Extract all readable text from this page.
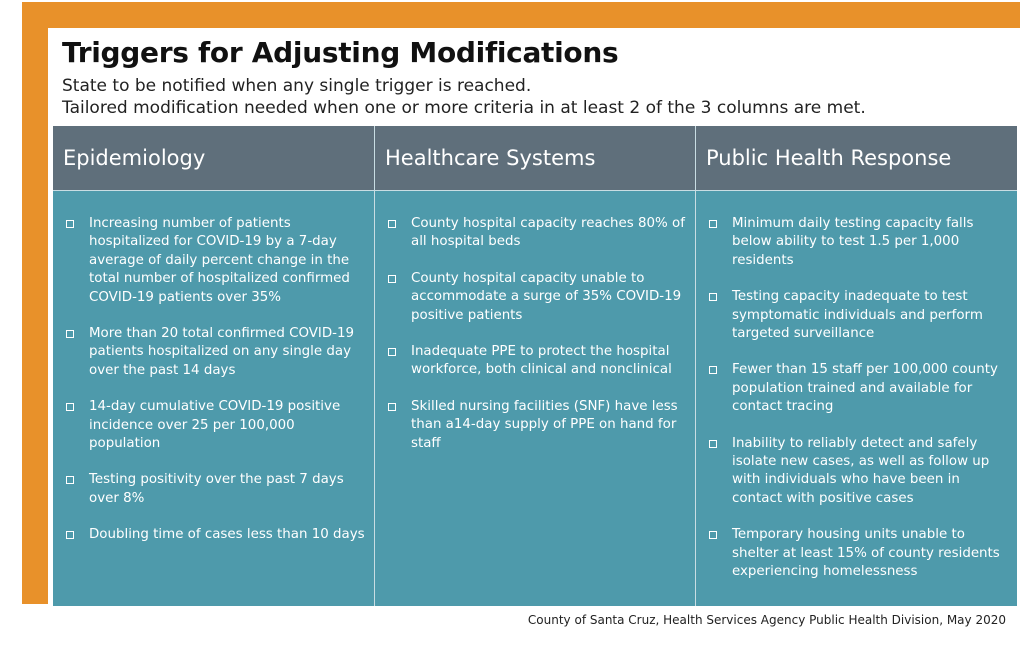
Triggers for Adjusting Modifications
State to be notified when any single trigger is reached.
Tailored modification needed when one or more criteria in at least 2 of the 3 columns are met.
Epidemiology	Healthcare Systems	Public Health Response
Increasing number of patients hospitalized for COVID-19 by a 7-day average of daily percent change in the total number of hospitalized confirmed COVID-19 patients over 35%
More than 20 total confirmed COVID-19 patients hospitalized on any single day over the past 14 days
14-day cumulative COVID-19 positive incidence over 25 per 100,000 population
Testing positivity over the past 7 days over 8%
Doubling time of cases less than 10 days
County hospital capacity reaches 80% of all hospital beds
County hospital capacity unable to accommodate a surge of 35% COVID-19 positive patients
Inadequate PPE to protect the hospital workforce, both clinical and nonclinical
Skilled nursing facilities (SNF) have less than a14-day supply of PPE on hand for staff
Minimum daily testing capacity falls below ability to test 1.5 per 1,000 residents
Testing capacity inadequate to test symptomatic individuals and perform targeted surveillance
Fewer than 15 staff per 100,000 county population trained and available for contact tracing
Inability to reliably detect and safely isolate new cases, as well as follow up with individuals who have been in contact with positive cases
Temporary housing units unable to shelter at least 15% of county residents experiencing homelessness
County of Santa Cruz, Health Services Agency Public Health Division, May 2020
